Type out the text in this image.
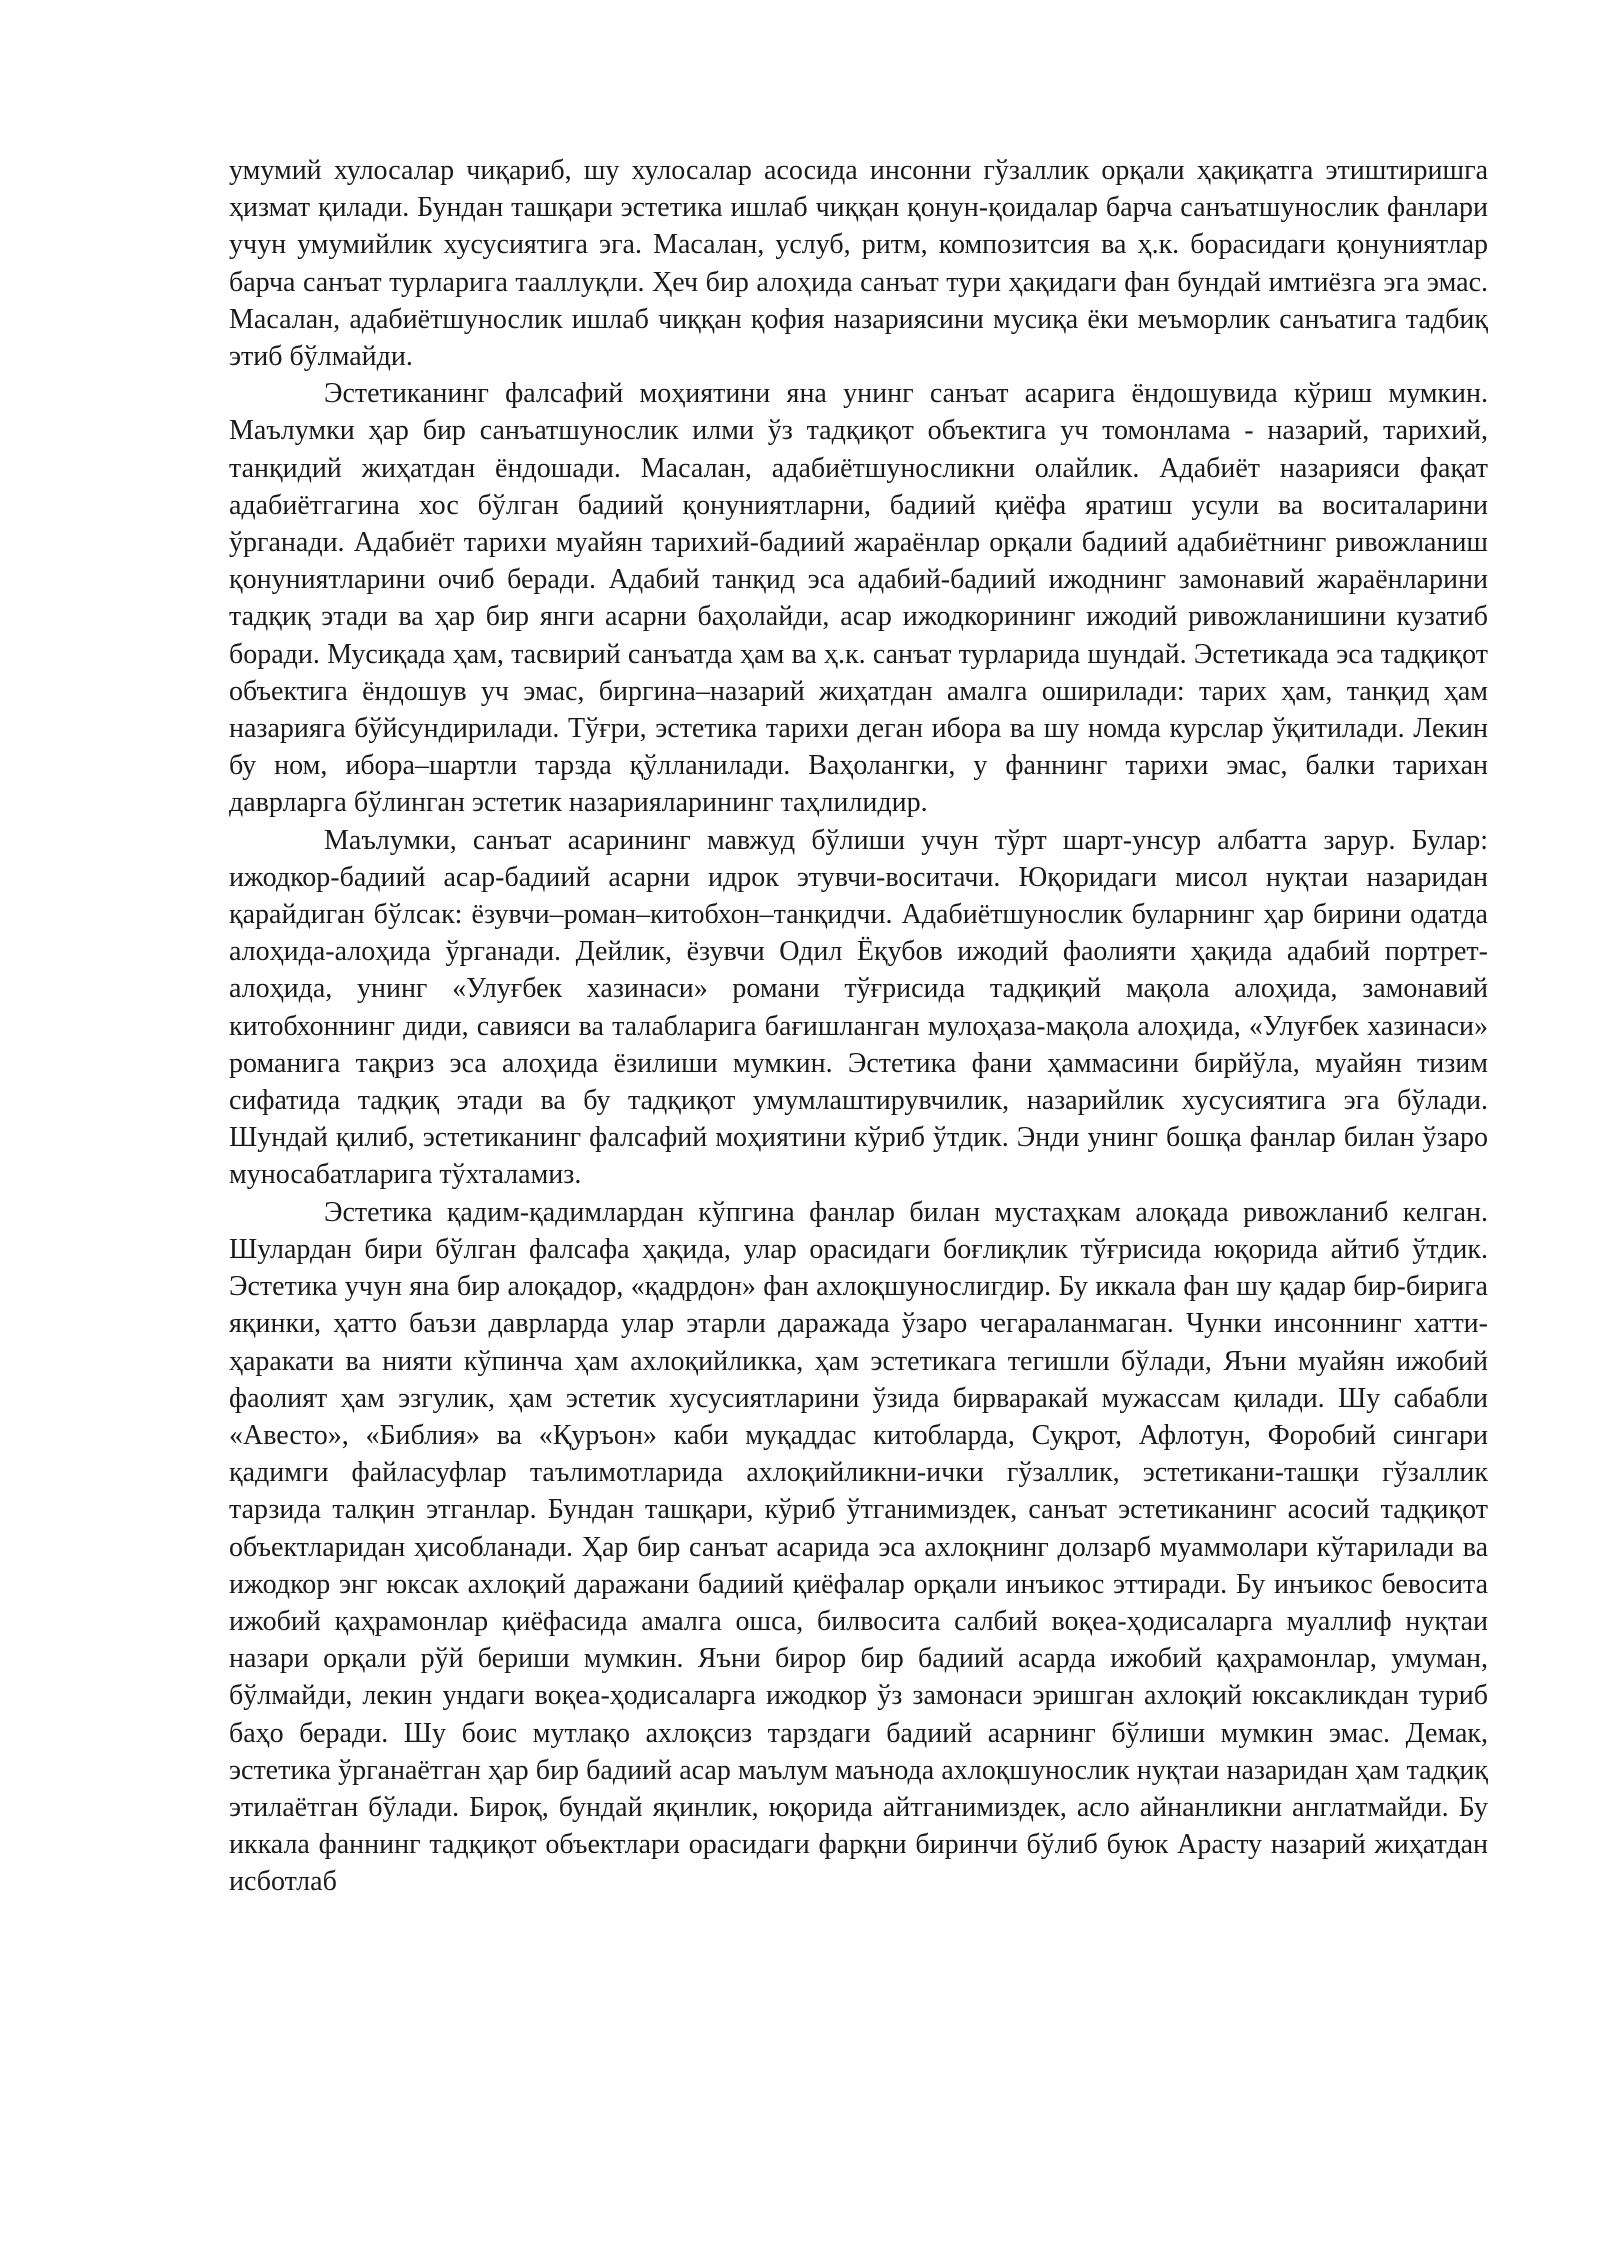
умумий хулосалар чиқариб, шу хулосалар асосида инсонни гўзаллик орқали ҳақиқатга этиштиришга ҳизмат қилади. Бундан ташқари эстетика ишлаб чиққан қонун-қоидалар барча санъатшунослик фанлари учун умумийлик хусусиятига эга. Масалан, услуб, ритм, композитсия ва ҳ.к. борасидаги қонуниятлар барча санъат турларига тааллуқли. Ҳеч бир алоҳида санъат тури ҳақидаги фан бундай имтиёзга эга эмас. Масалан, адабиётшунослик ишлаб чиққан қофия назариясини мусиқа ёки меъморлик санъатига тадбиқ этиб бўлмайди.

Эстетиканинг фалсафий моҳиятини яна унинг санъат асарига ёндошувида кўриш мумкин. Маълумки ҳар бир санъатшунослик илми ўз тадқиқот объектига уч томонлама - назарий, тарихий, танқидий жиҳатдан ёндошади. Масалан, адабиётшуносликни олайлик. Адабиёт назарияси фақат адабиётгагина хос бўлган бадиий қонуниятларни, бадиий қиёфа яратиш усули ва воситаларини ўрганади. Адабиёт тарихи муайян тарихий-бадиий жараёнлар орқали бадиий адабиётнинг ривожланиш қонуниятларини очиб беради. Адабий танқид эса адабий-бадиий ижоднинг замонавий жараёнларини тадқиқ этади ва ҳар бир янги асарни баҳолайди, асар ижодкорининг ижодий ривожланишини кузатиб боради. Мусиқада ҳам, тасвирий санъатда ҳам ва ҳ.к. санъат турларида шундай. Эстетикада эса тадқиқот объектига ёндошув уч эмас, биргина–назарий жиҳатдан амалга оширилади: тарих ҳам, танқид ҳам назарияга бўйсундирилади. Тўғри, эстетика тарихи деган ибора ва шу номда курслар ўқитилади. Лекин бу ном, ибора–шартли тарзда қўлланилади. Ваҳолангки, у фаннинг тарихи эмас, балки тарихан даврларга бўлинган эстетик назарияларининг таҳлилидир.

Маълумки, санъат асарининг мавжуд бўлиши учун тўрт шарт-унсур албатта зарур. Булар: ижодкор-бадиий асар-бадиий асарни идрок этувчи-воситачи. Юқоридаги мисол нуқтаи назаридан қарайдиган бўлсак: ёзувчи–роман–китобхон–танқидчи. Адабиётшунослик буларнинг ҳар бирини одатда алоҳида-алоҳида ўрганади. Дейлик, ёзувчи Одил Ёқубов ижодий фаолияти ҳақида адабий портрет-алоҳида, унинг «Улуғбек хазинаси» романи тўғрисида тадқиқий мақола алоҳида, замонавий китобхоннинг диди, савияси ва талабларига бағишланган мулоҳаза-мақола алоҳида, «Улуғбек хазинаси» романига тақриз эса алоҳида ёзилиши мумкин. Эстетика фани ҳаммасини бирйўла, муайян тизим сифатида тадқиқ этади ва бу тадқиқот умумлаштирувчилик, назарийлик хусусиятига эга бўлади. Шундай қилиб, эстетиканинг фалсафий моҳиятини кўриб ўтдик. Энди унинг бошқа фанлар билан ўзаро муносабатларига тўхталамиз.

Эстетика қадим-қадимлардан кўпгина фанлар билан мустаҳкам алоқада ривожланиб келган. Шулардан бири бўлган фалсафа ҳақида, улар орасидаги боғлиқлик тўғрисида юқорида айтиб ўтдик. Эстетика учун яна бир алоқадор, «қадрдон» фан ахлоқшунослигдир. Бу иккала фан шу қадар бир-бирига яқинки, ҳатто баъзи даврларда улар этарли даражада ўзаро чегараланмаган. Чунки инсоннинг хатти-ҳаракати ва нияти кўпинча ҳам ахлоқийликка, ҳам эстетикага тегишли бўлади, Яъни муайян ижобий фаолият ҳам эзгулик, ҳам эстетик хусусиятларини ўзида бирваракай мужассам қилади. Шу сабабли «Авесто», «Библия» ва «Қуръон» каби муқаддас китобларда, Суқрот, Афлотун, Форобий сингари қадимги файласуфлар таълимотларида ахлоқийликни-ички гўзаллик, эстетикани-ташқи гўзаллик тарзида талқин этганлар. Бундан ташқари, кўриб ўтганимиздек, санъат эстетиканинг асосий тадқиқот объектларидан ҳисобланади. Ҳар бир санъат асарида эса ахлоқнинг долзарб муаммолари кўтарилади ва ижодкор энг юксак ахлоқий даражани бадиий қиёфалар орқали инъикос эттиради. Бу инъикос бевосита ижобий қаҳрамонлар қиёфасида амалга ошса, билвосита салбий воқеа-ҳодисаларга муаллиф нуқтаи назари орқали рўй бериши мумкин. Яъни бирор бир бадиий асарда ижобий қаҳрамонлар, умуман, бўлмайди, лекин ундаги воқеа-ҳодисаларга ижодкор ўз замонаси эришган ахлоқий юксакликдан туриб баҳо беради. Шу боис мутлақо ахлоқсиз тарздаги бадиий асарнинг бўлиши мумкин эмас. Демак, эстетика ўрганаётган ҳар бир бадиий асар маълум маънода ахлоқшунослик нуқтаи назаридан ҳам тадқиқ этилаётган бўлади. Бироқ, бундай яқинлик, юқорида айтганимиздек, асло айнанликни англатмайди. Бу иккала фаннинг тадқиқот объектлари орасидаги фарқни биринчи бўлиб буюк Арасту назарий жиҳатдан исботлаб
